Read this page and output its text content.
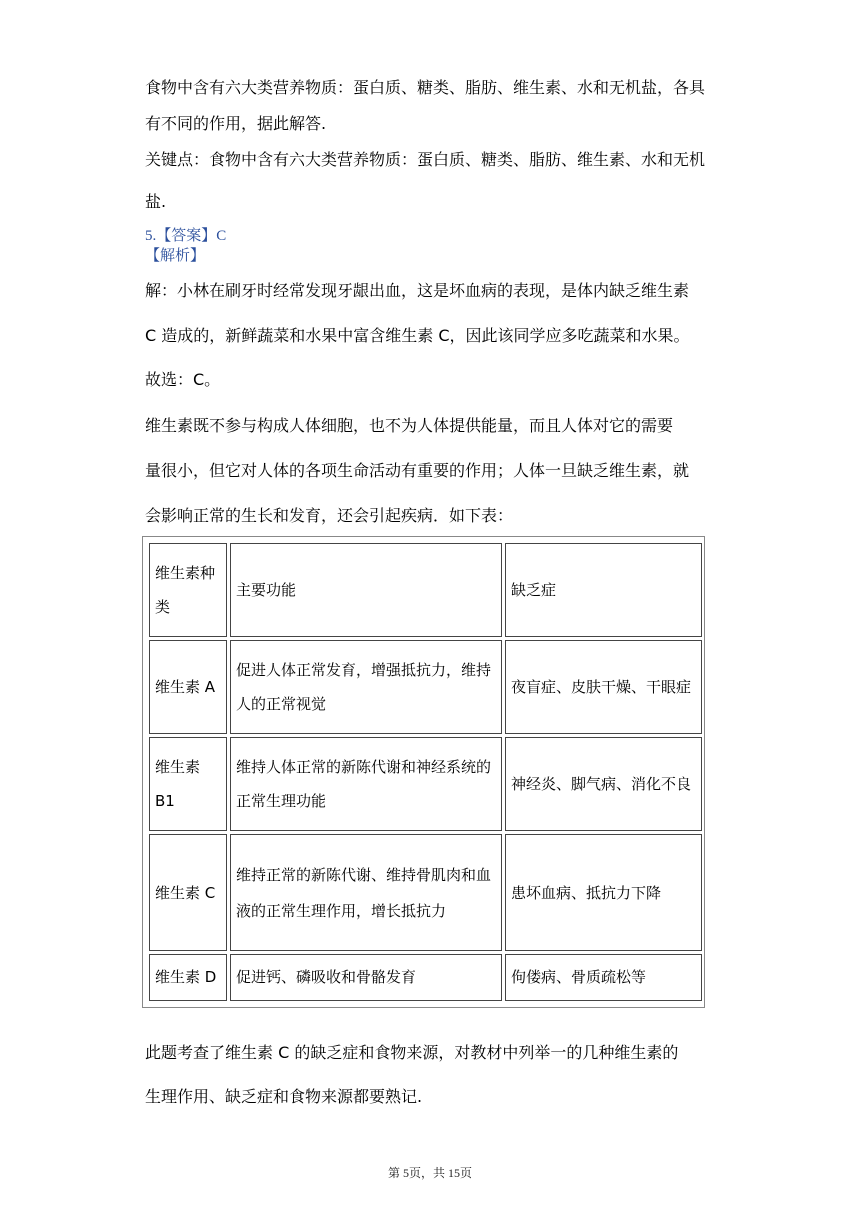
食物中含有六大类营养物质：蛋白质、糖类、脂肪、维生素、水和无机盐，各具
有不同的作用，据此解答.
关键点：食物中含有六大类营养物质：蛋白质、糖类、脂肪、维生素、水和无机
盐.
5.【答案】C
【解析】
解：小林在刷牙时经常发现牙龈出血，这是坏血病的表现，是体内缺乏维生素
C 造成的，新鲜蔬菜和水果中富含维生素 C，因此该同学应多吃蔬菜和水果。
故选：C。
维生素既不参与构成人体细胞，也不为人体提供能量，而且人体对它的需要
量很小，但它对人体的各项生命活动有重要的作用；人体一旦缺乏维生素，就
会影响正常的生长和发育，还会引起疾病．如下表：
维生素种类	主要功能	缺乏症
维生素 A	促进人体正常发育，增强抵抗力，维持人的正常视觉	夜盲症、皮肤干燥、干眼症
维生素 B1	维持人体正常的新陈代谢和神经系统的正常生理功能	神经炎、脚气病、消化不良
维生素 C	维持正常的新陈代谢、维持骨肌肉和血液的正常生理作用，增长抵抗力	患坏血病、抵抗力下降
维生素 D	促进钙、磷吸收和骨骼发育	佝偻病、骨质疏松等
此题考查了维生素 C 的缺乏症和食物来源，对教材中列举一的几种维生素的
生理作用、缺乏症和食物来源都要熟记.
第 5页，共 15页
